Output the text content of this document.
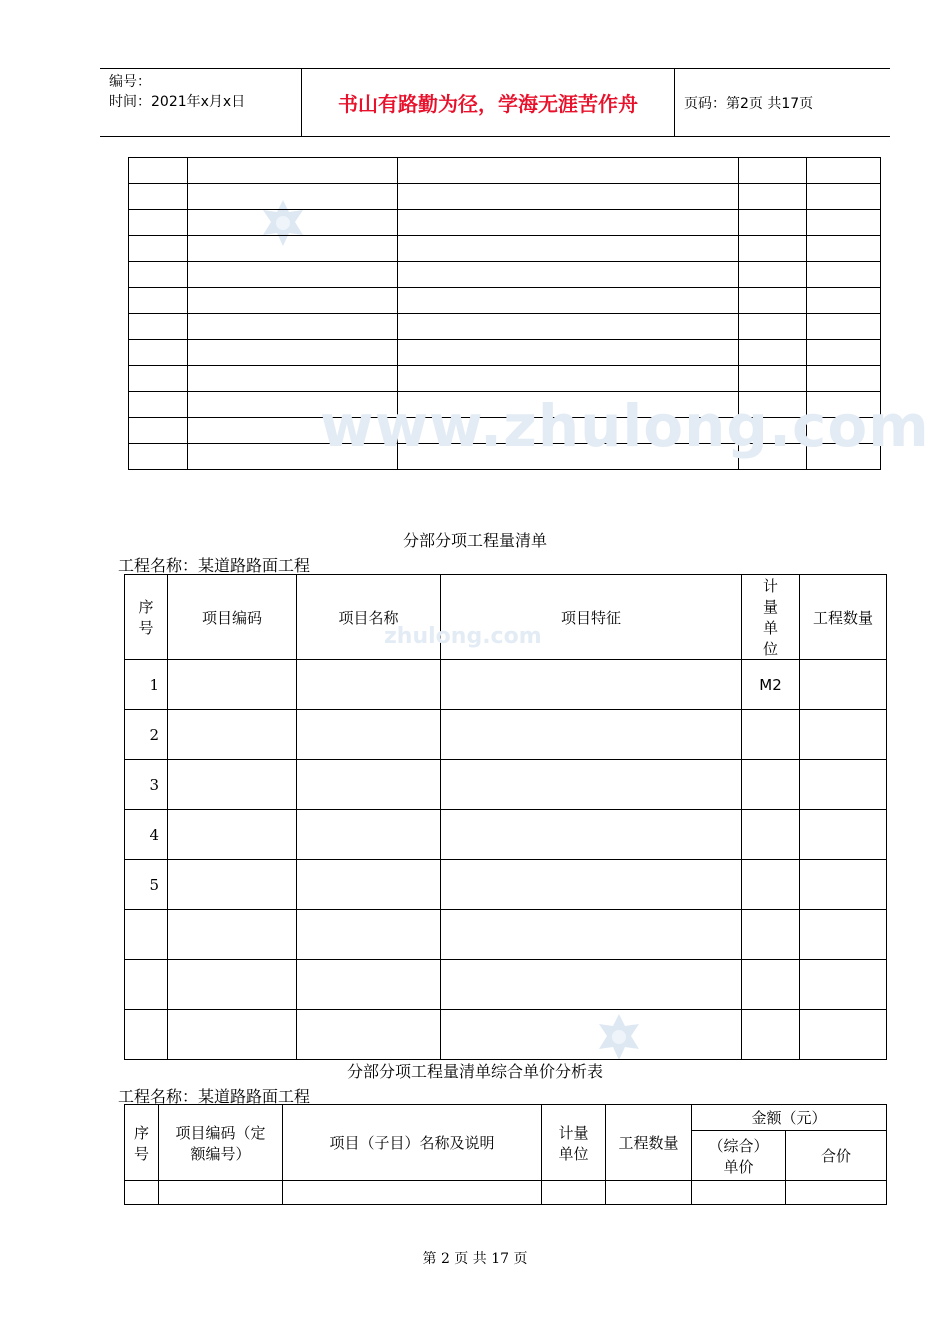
编号：
时间：2021年x月x日	书山有路勤为径，学海无涯苦作舟	页码：第2页 共17页

www.zhulong.com
分部分项工程量清单
工程名称：某道路路面工程
序号	项目编码	项目名称	项目特征	计量单位	工程数量
1				M2	
2					
3					
4					
5					

zhulong.com
分部分项工程量清单综合单价分析表
工程名称：某道路路面工程
序号	项目编码（定额编号）	项目（子目）名称及说明	计量单位	工程数量	金额（元）	
					（综合）单价	合价

第 2 页 共 17 页
